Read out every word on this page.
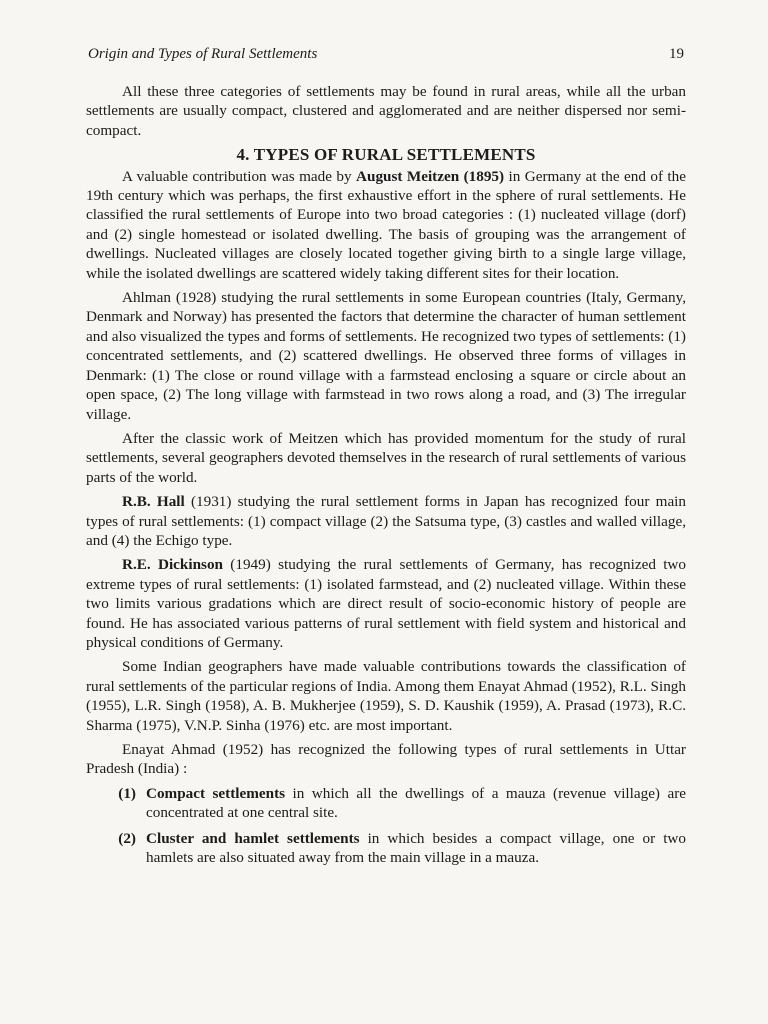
Origin and Types of Rural Settlements	19

All these three categories of settlements may be found in rural areas, while all the urban settlements are usually compact, clustered and agglomerated and are neither dispersed nor semi-compact.

4. TYPES OF RURAL SETTLEMENTS

A valuable contribution was made by August Meitzen (1895) in Germany at the end of the 19th century which was perhaps, the first exhaustive effort in the sphere of rural settlements. He classified the rural settlements of Europe into two broad categories : (1) nucleated village (dorf) and (2) single homestead or isolated dwelling. The basis of grouping was the arrangement of dwellings. Nucleated villages are closely located together giving birth to a single large village, while the isolated dwellings are scattered widely taking different sites for their location.

Ahlman (1928) studying the rural settlements in some European countries (Italy, Germany, Denmark and Norway) has presented the factors that determine the character of human settlement and also visualized the types and forms of settlements. He recognized two types of settlements: (1) concentrated settlements, and (2) scattered dwellings. He observed three forms of villages in Denmark: (1) The close or round village with a farmstead enclosing a square or circle about an open space, (2) The long village with farmstead in two rows along a road, and (3) The irregular village.

After the classic work of Meitzen which has provided momentum for the study of rural settlements, several geographers devoted themselves in the research of rural settlements of various parts of the world.

R.B. Hall (1931) studying the rural settlement forms in Japan has recognized four main types of rural settlements: (1) compact village (2) the Satsuma type, (3) castles and walled village, and (4) the Echigo type.

R.E. Dickinson (1949) studying the rural settlements of Germany, has recognized two extreme types of rural settlements: (1) isolated farmstead, and (2) nucleated village. Within these two limits various gradations which are direct result of socio-economic history of people are found. He has associated various patterns of rural settlement with field system and historical and physical conditions of Germany.

Some Indian geographers have made valuable contributions towards the classification of rural settlements of the particular regions of India. Among them Enayat Ahmad (1952), R.L. Singh (1955), L.R. Singh (1958), A. B. Mukherjee (1959), S. D. Kaushik (1959), A. Prasad (1973), R.C. Sharma (1975), V.N.P. Sinha (1976) etc. are most important.

Enayat Ahmad (1952) has recognized the following types of rural settlements in Uttar Pradesh (India) :

(1) Compact settlements in which all the dwellings of a mauza (revenue village) are concentrated at one central site.
(2) Cluster and hamlet settlements in which besides a compact village, one or two hamlets are also situated away from the main village in a mauza.
